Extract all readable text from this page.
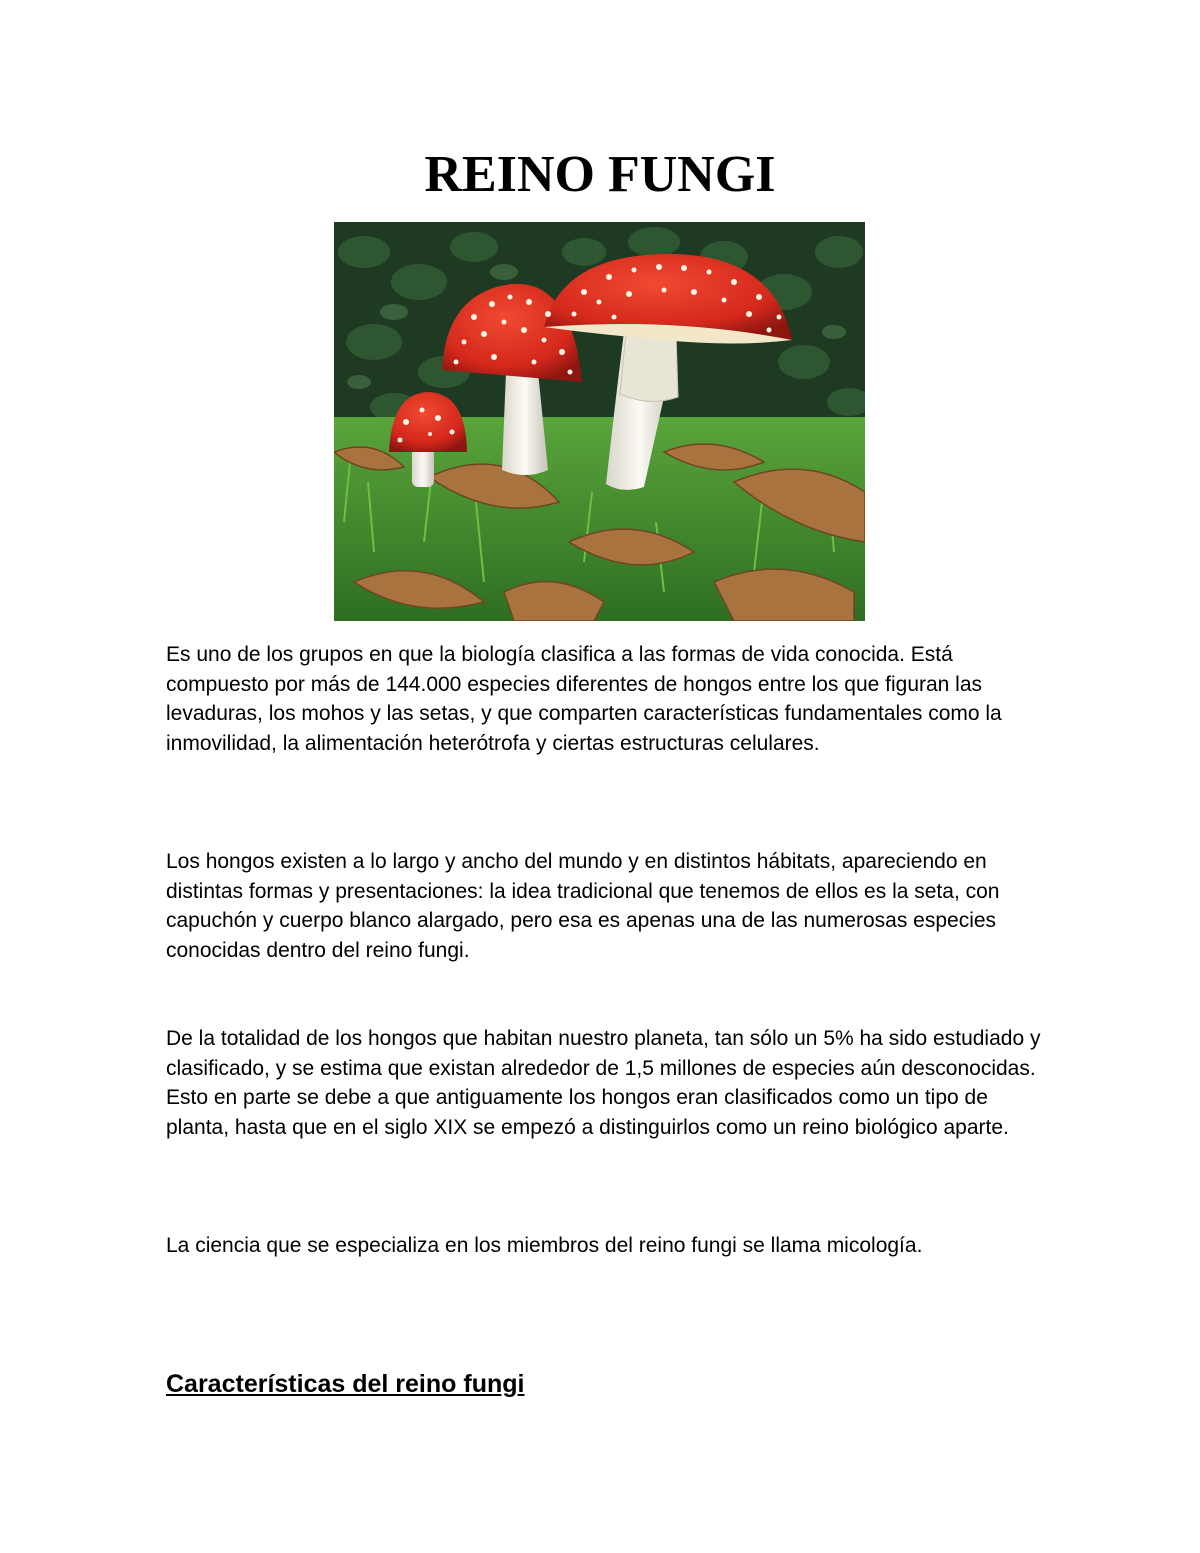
REINO FUNGI

Es uno de los grupos en que la biología clasifica a las formas de vida conocida. Está compuesto por más de 144.000 especies diferentes de hongos entre los que figuran las levaduras, los mohos y las setas, y que comparten características fundamentales como la inmovilidad, la alimentación heterótrofa y ciertas estructuras celulares.

Los hongos existen a lo largo y ancho del mundo y en distintos hábitats, apareciendo en distintas formas y presentaciones: la idea tradicional que tenemos de ellos es la seta, con capuchón y cuerpo blanco alargado, pero esa es apenas una de las numerosas especies conocidas dentro del reino fungi.

De la totalidad de los hongos que habitan nuestro planeta, tan sólo un 5% ha sido estudiado y clasificado, y se estima que existan alrededor de 1,5 millones de especies aún desconocidas. Esto en parte se debe a que antiguamente los hongos eran clasificados como un tipo de planta, hasta que en el siglo XIX se empezó a distinguirlos como un reino biológico aparte.

La ciencia que se especializa en los miembros del reino fungi se llama micología.

Características del reino fungi
